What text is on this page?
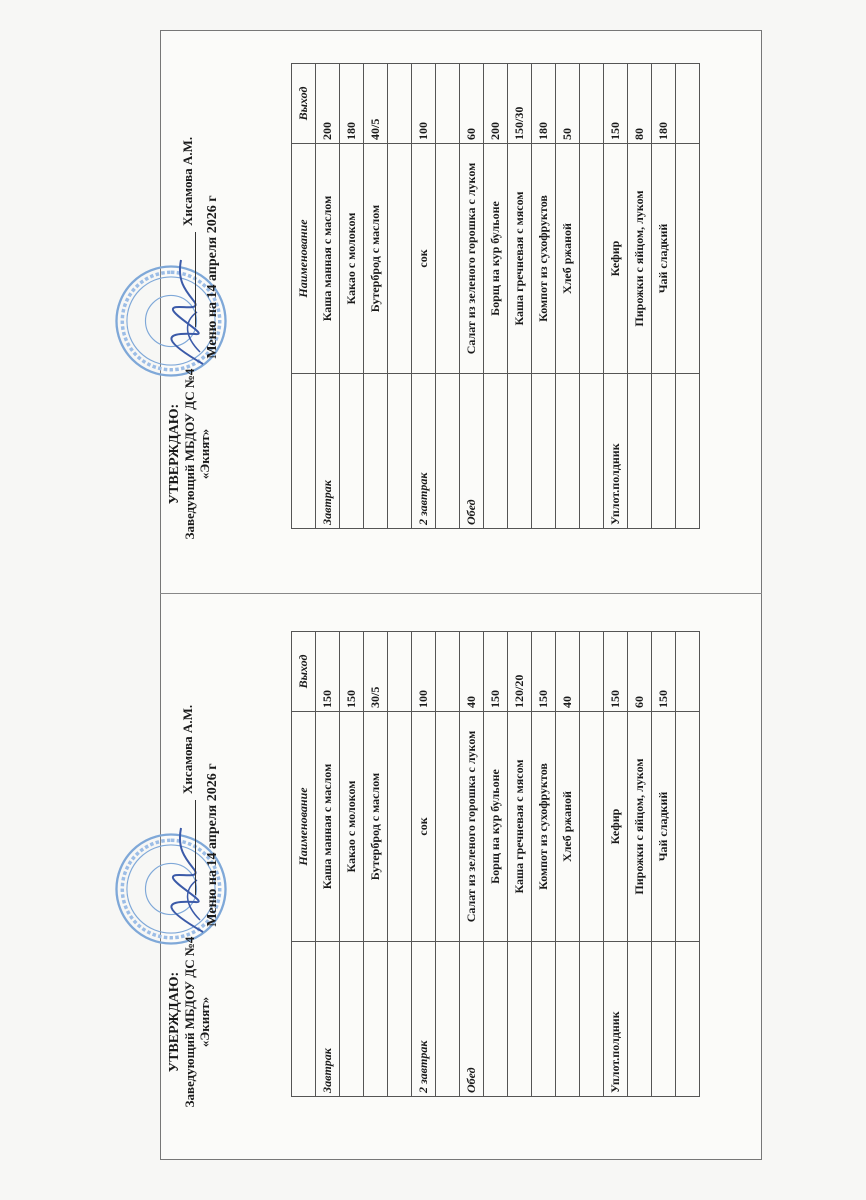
УТВЕРЖДАЮ: Заведующий МБДОУ ДС №4 «Экият»
Хисамова А.М.
Меню на 14 апреля 2026 г
		Наименование	Выход
Завтрак	Каша манная с маслом	150
	Какао с молоком	150
	Бутерброд с маслом	30/5

2 завтрак	сок	100

Обед	Салат из зеленого горошка с луком	40
	Борщ на кур бульоне	150
	Каша гречневая с мясом	120/20
	Компот из сухофруктов	150
	Хлеб ржаной	40

Уплот.полдник	Кефир	150
	Пирожки с яйцом, луком	60
	Чай сладкий	150

УТВЕРЖДАЮ: Заведующий МБДОУ ДС №4 «Экият»
Хисамова А.М.
Меню на 14 апреля 2026 г
		Наименование	Выход
Завтрак	Каша манная с маслом	200
	Какао с молоком	180
	Бутерброд с маслом	40/5

2 завтрак	сок	100

Обед	Салат из зеленого горошка с луком	60
	Борщ на кур бульоне	200
	Каша гречневая с мясом	150/30
	Компот из сухофруктов	180
	Хлеб ржаной	50

Уплот.полдник	Кефир	150
	Пирожки с яйцом, луком	80
	Чай сладкий	180
